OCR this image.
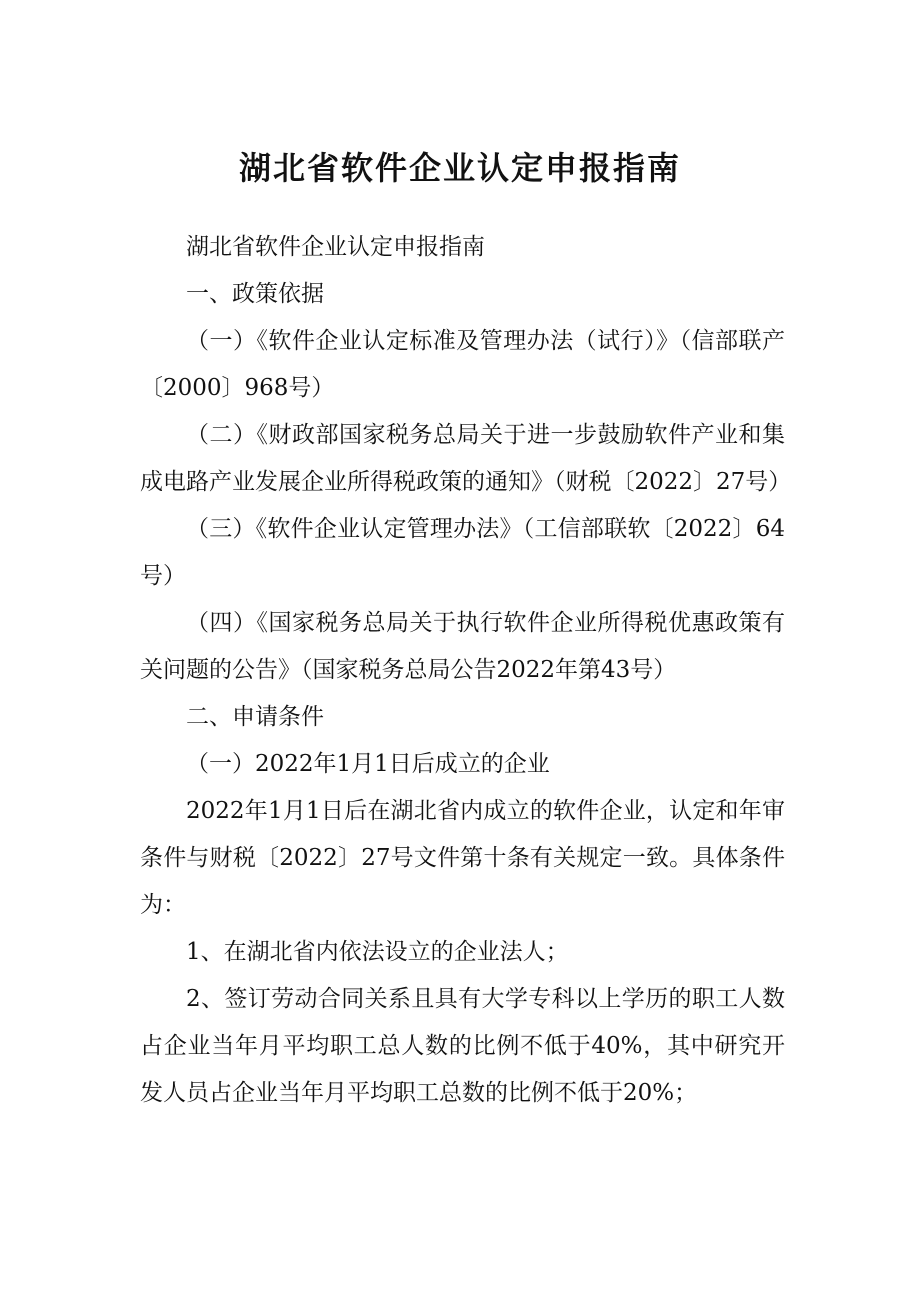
湖北省软件企业认定申报指南

湖北省软件企业认定申报指南

一、政策依据

（一）《软件企业认定标准及管理办法（试行）》（信部联产〔2000〕968号）

（二）《财政部国家税务总局关于进一步鼓励软件产业和集成电路产业发展企业所得税政策的通知》（财税〔2022〕27号）

（三）《软件企业认定管理办法》（工信部联软〔2022〕64号）

（四）《国家税务总局关于执行软件企业所得税优惠政策有关问题的公告》（国家税务总局公告2022年第43号）

二、申请条件

（一）2022年1月1日后成立的企业

2022年1月1日后在湖北省内成立的软件企业，认定和年审条件与财税〔2022〕27号文件第十条有关规定一致。具体条件为：

1、在湖北省内依法设立的企业法人；

2、签订劳动合同关系且具有大学专科以上学历的职工人数占企业当年月平均职工总人数的比例不低于40%，其中研究开发人员占企业当年月平均职工总数的比例不低于20%；
